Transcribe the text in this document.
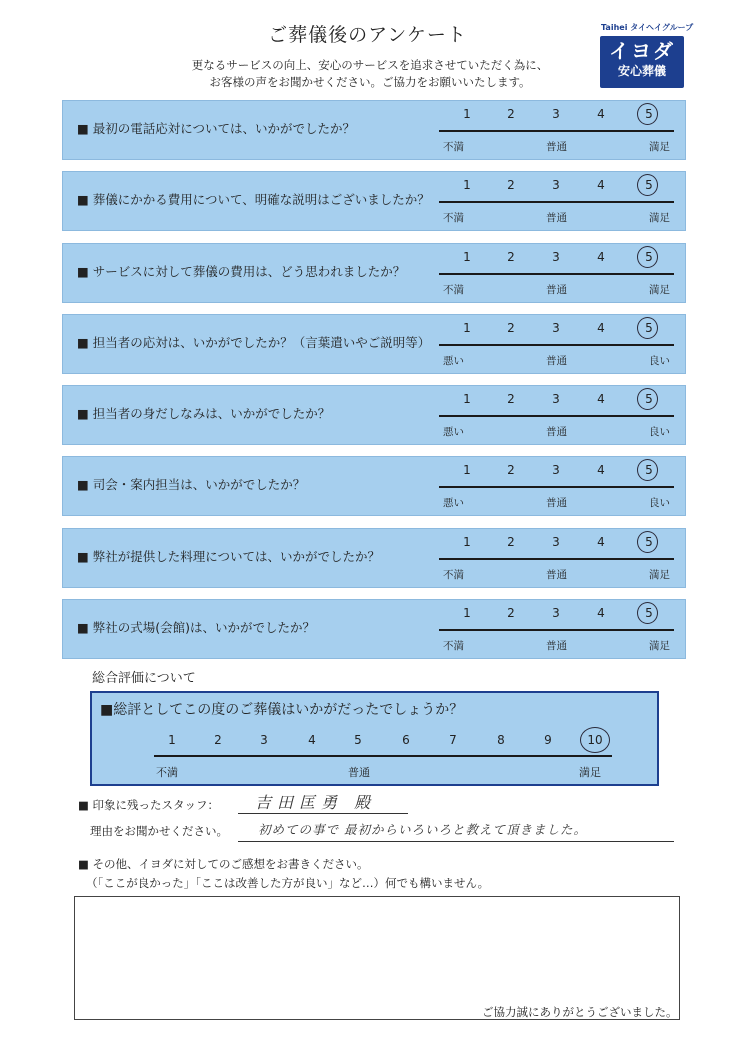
ご葬儀後のアンケート
更なるサービスの向上、安心のサービスを追求させていただく為に、
お客様の声をお聞かせください。ご協力をお願いいたします。
Taihei タイヘイグループ
イヨダ
安心葬儀
■ 最初の電話応対については、いかがでしたか？
1	2	3	4	5
不満	普通	満足
■ 葬儀にかかる費用について、明確な説明はございましたか？
1	2	3	4	5
不満	普通	満足
■ サービスに対して葬儀の費用は、どう思われましたか？
1	2	3	4	5
不満	普通	満足
■ 担当者の応対は、いかがでしたか？（言葉遣いやご説明等）
1	2	3	4	5
悪い	普通	良い
■ 担当者の身だしなみは、いかがでしたか？
1	2	3	4	5
悪い	普通	良い
■ 司会・案内担当は、いかがでしたか？
1	2	3	4	5
悪い	普通	良い
■ 弊社が提供した料理については、いかがでしたか？
1	2	3	4	5
不満	普通	満足
■ 弊社の式場(会館)は、いかがでしたか？
1	2	3	4	5
不満	普通	満足
総合評価について
■総評としてこの度のご葬儀はいかがだったでしょうか？
1	2	3	4	5	6	7	8	9	10
不満	普通	満足
■ 印象に残ったスタッフ： 吉田匡勇 殿
理由をお聞かせください。 初めての事で 最初からいろいろと教えて頂きました。
■ その他、イヨダに対してのご感想をお書きください。
（「ここが良かった」「ここは改善した方が良い」など…）何でも構いません。
ご協力誠にありがとうございました。
